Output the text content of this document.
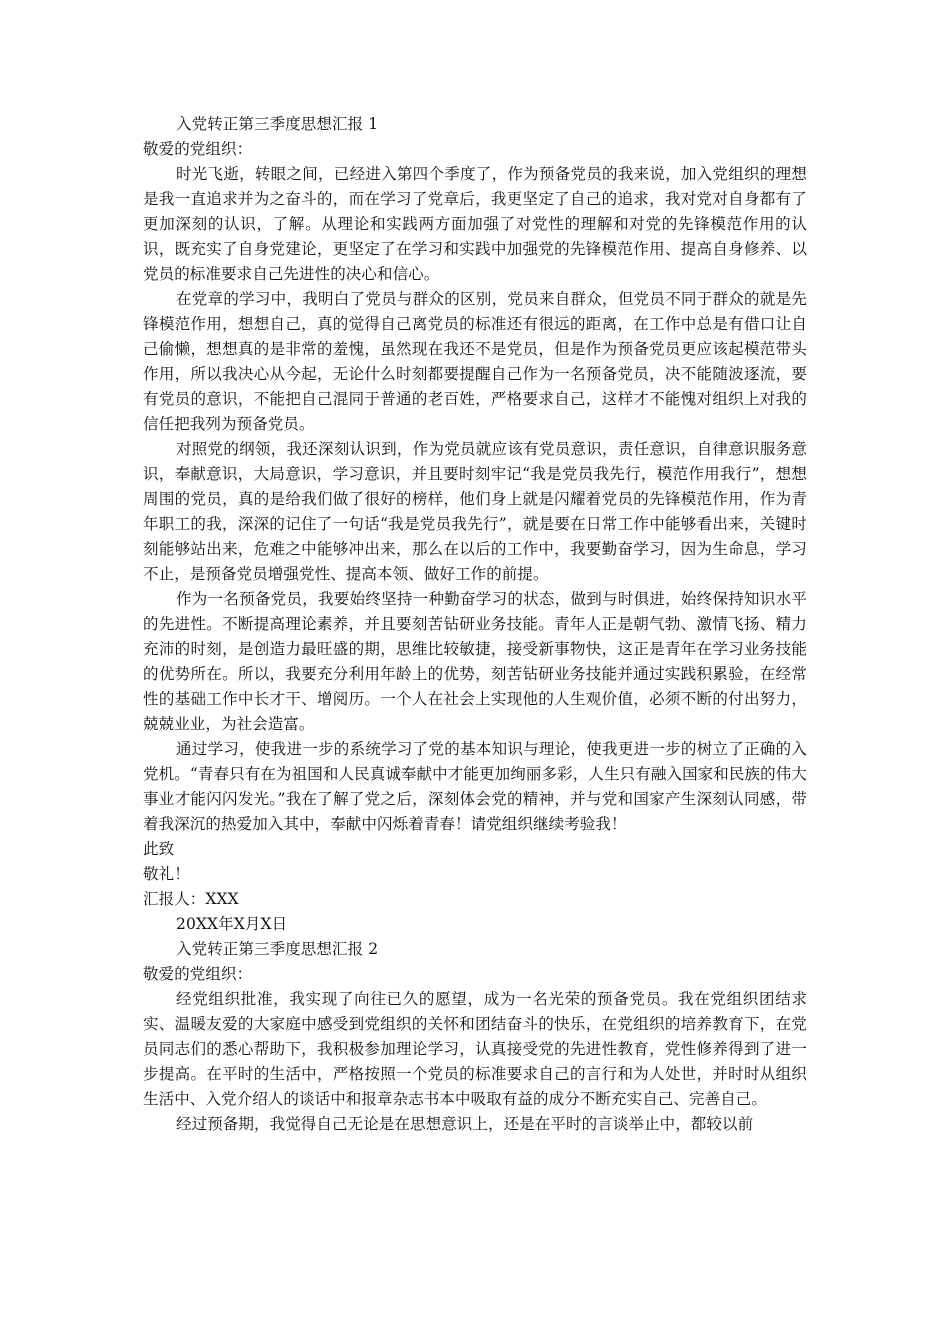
入党转正第三季度思想汇报 1

敬爱的党组织：

时光飞逝，转眼之间，已经进入第四个季度了，作为预备党员的我来说，加入党组织的理想是我一直追求并为之奋斗的，而在学习了党章后，我更坚定了自己的追求，我对党对自身都有了更加深刻的认识，了解。从理论和实践两方面加强了对党性的理解和对党的先锋模范作用的认识，既充实了自身党建论，更坚定了在学习和实践中加强党的先锋模范作用、提高自身修养、以党员的标准要求自己先进性的决心和信心。

在党章的学习中，我明白了党员与群众的区别，党员来自群众，但党员不同于群众的就是先锋模范作用，想想自己，真的觉得自己离党员的标准还有很远的距离，在工作中总是有借口让自己偷懒，想想真的是非常的羞愧，虽然现在我还不是党员，但是作为预备党员更应该起模范带头作用，所以我决心从今起，无论什么时刻都要提醒自己作为一名预备党员，决不能随波逐流，要有党员的意识，不能把自己混同于普通的老百姓，严格要求自己，这样才不能愧对组织上对我的信任把我列为预备党员。

对照党的纲领，我还深刻认识到，作为党员就应该有党员意识，责任意识，自律意识服务意识，奉献意识，大局意识，学习意识，并且要时刻牢记“我是党员我先行，模范作用我行”，想想周围的党员，真的是给我们做了很好的榜样，他们身上就是闪耀着党员的先锋模范作用，作为青年职工的我，深深的记住了一句话“我是党员我先行”，就是要在日常工作中能够看出来，关键时刻能够站出来，危难之中能够冲出来，那么在以后的工作中，我要勤奋学习，因为生命息，学习不止，是预备党员增强党性、提高本领、做好工作的前提。

作为一名预备党员，我要始终坚持一种勤奋学习的状态，做到与时俱进，始终保持知识水平的先进性。不断提高理论素养，并且要刻苦钻研业务技能。青年人正是朝气勃、激情飞扬、精力充沛的时刻，是创造力最旺盛的期，思维比较敏捷，接受新事物快，这正是青年在学习业务技能的优势所在。所以，我要充分利用年龄上的优势，刻苦钻研业务技能并通过实践积累验，在经常性的基础工作中长才干、增阅历。一个人在社会上实现他的人生观价值，必须不断的付出努力，兢兢业业，为社会造富。

通过学习，使我进一步的系统学习了党的基本知识与理论，使我更进一步的树立了正确的入党机。“青春只有在为祖国和人民真诚奉献中才能更加绚丽多彩，人生只有融入国家和民族的伟大事业才能闪闪发光。”我在了解了党之后，深刻体会党的精神，并与党和国家产生深刻认同感，带着我深沉的热爱加入其中，奉献中闪烁着青春！请党组织继续考验我！

此致

敬礼！

汇报人：XXX

20XX年X月X日

入党转正第三季度思想汇报 2

敬爱的党组织：

经党组织批准，我实现了向往已久的愿望，成为一名光荣的预备党员。我在党组织团结求实、温暖友爱的大家庭中感受到党组织的关怀和团结奋斗的快乐，在党组织的培养教育下，在党员同志们的悉心帮助下，我积极参加理论学习，认真接受党的先进性教育，党性修养得到了进一步提高。在平时的生活中，严格按照一个党员的标准要求自己的言行和为人处世，并时时从组织生活中、入党介绍人的谈话中和报章杂志书本中吸取有益的成分不断充实自己、完善自己。

经过预备期，我觉得自己无论是在思想意识上，还是在平时的言谈举止中，都较以前
